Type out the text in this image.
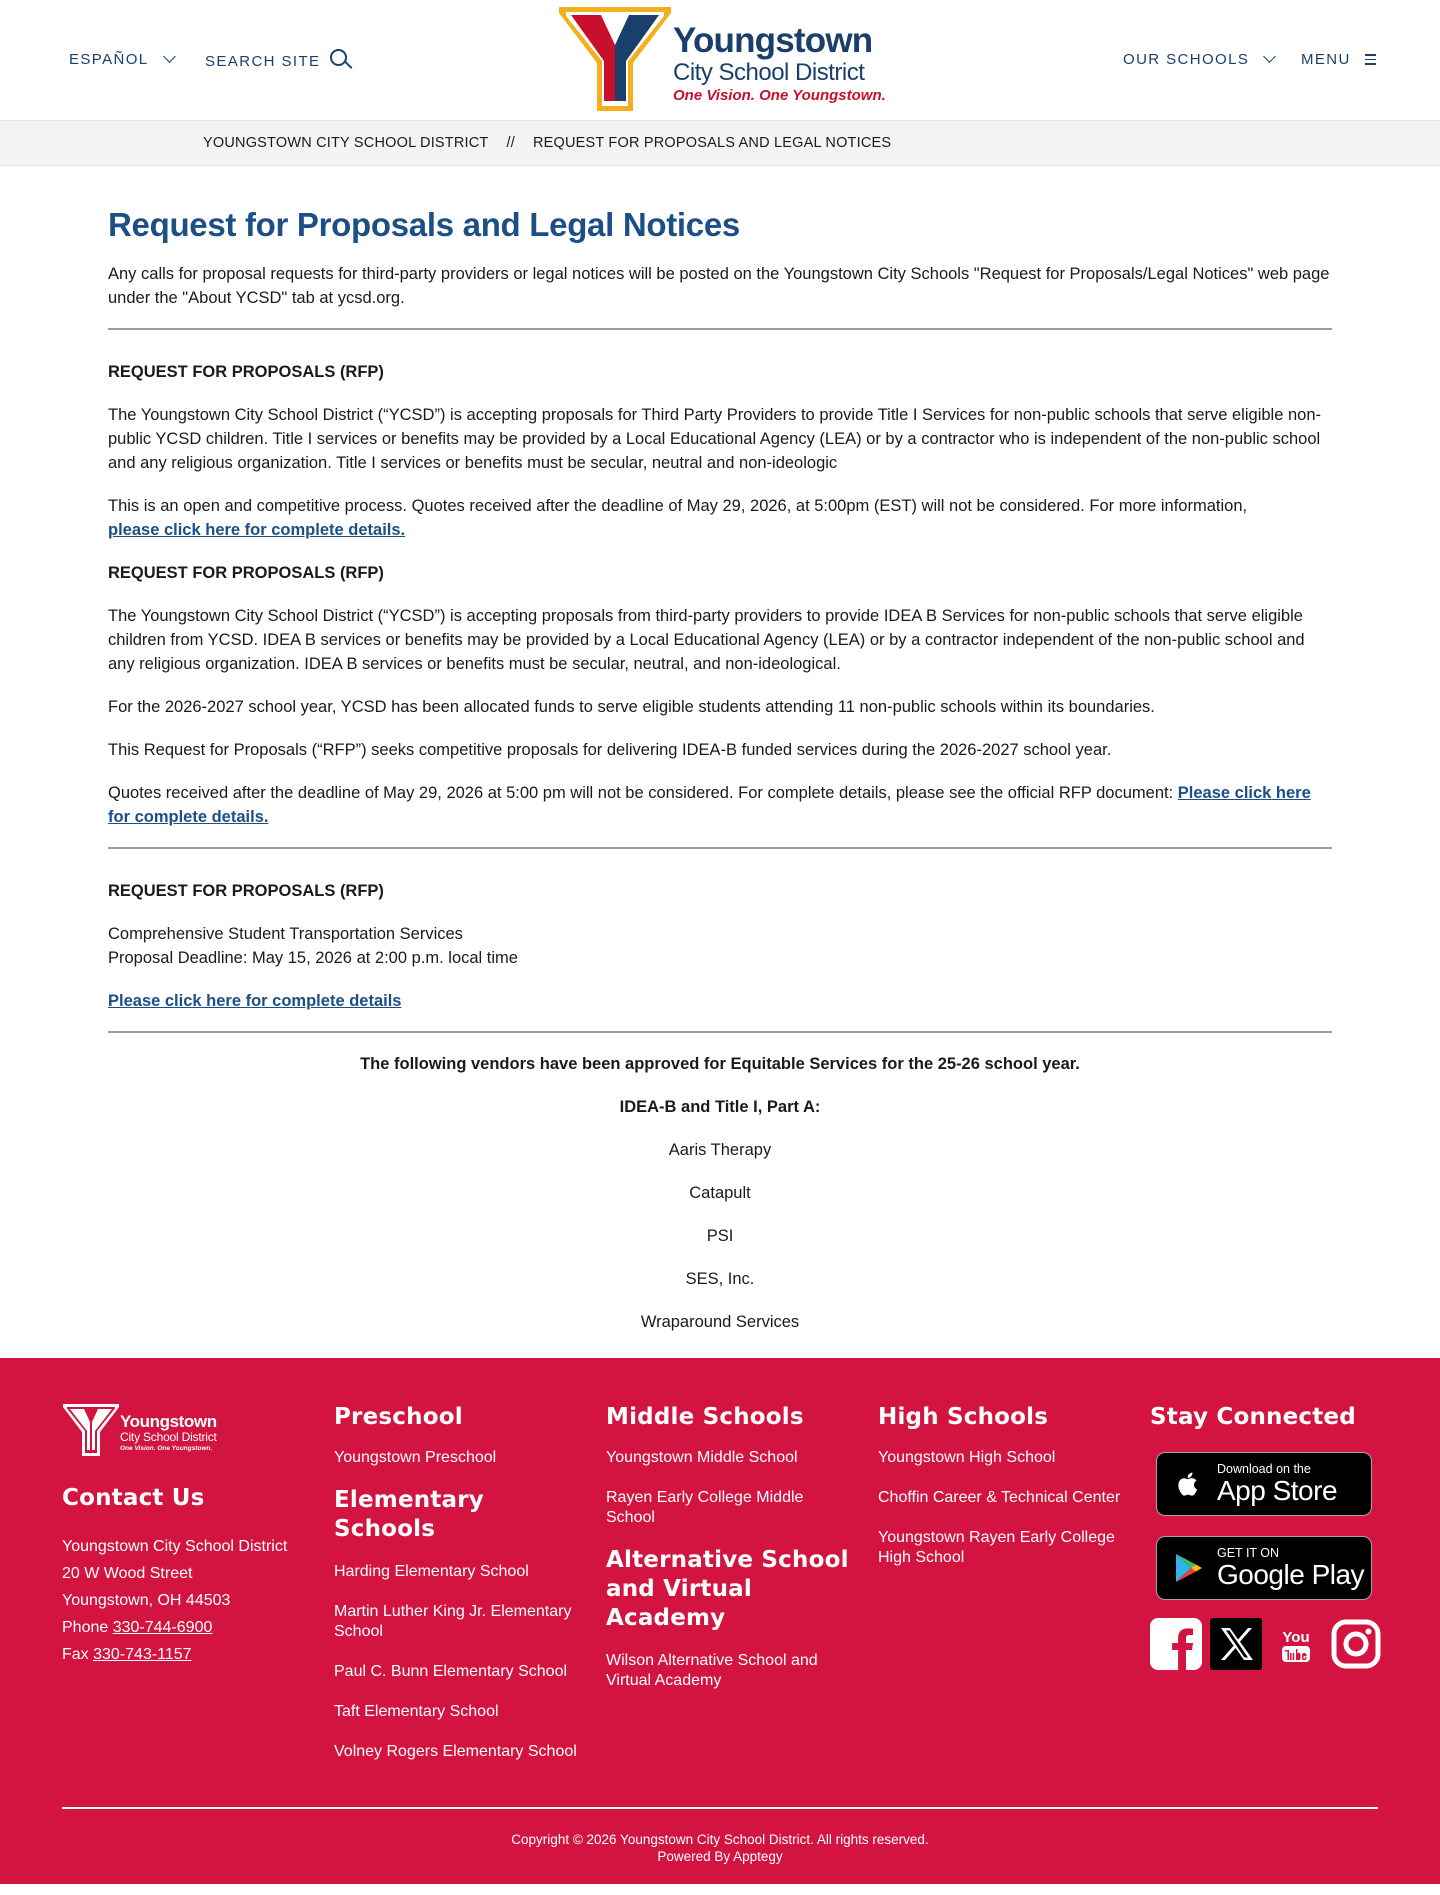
ESPAÑOL	SEARCH SITE
Youngstown
City School District
One Vision. One Youngstown.
OUR SCHOOLS	MENU
YOUNGSTOWN CITY SCHOOL DISTRICT // REQUEST FOR PROPOSALS AND LEGAL NOTICES
Request for Proposals and Legal Notices

Any calls for proposal requests for third-party providers or legal notices will be posted on the Youngstown City Schools "Request for Proposals/Legal Notices" web page under the "About YCSD" tab at ycsd.org.

REQUEST FOR PROPOSALS (RFP)

The Youngstown City School District (“YCSD”) is accepting proposals for Third Party Providers to provide Title I Services for non-public schools that serve eligible non-public YCSD children. Title I services or benefits may be provided by a Local Educational Agency (LEA) or by a contractor who is independent of the non-public school and any religious organization. Title I services or benefits must be secular, neutral and non-ideologic

This is an open and competitive process. Quotes received after the deadline of May 29, 2026, at 5:00pm (EST) will not be considered. For more information,
please click here for complete details.

REQUEST FOR PROPOSALS (RFP)

The Youngstown City School District (“YCSD”) is accepting proposals from third-party providers to provide IDEA B Services for non-public schools that serve eligible children from YCSD. IDEA B services or benefits may be provided by a Local Educational Agency (LEA) or by a contractor independent of the non-public school and any religious organization. IDEA B services or benefits must be secular, neutral, and non-ideological.

For the 2026-2027 school year, YCSD has been allocated funds to serve eligible students attending 11 non-public schools within its boundaries.

This Request for Proposals (“RFP”) seeks competitive proposals for delivering IDEA-B funded services during the 2026-2027 school year.

Quotes received after the deadline of May 29, 2026 at 5:00 pm will not be considered. For complete details, please see the official RFP document: Please click here for complete details.

REQUEST FOR PROPOSALS (RFP)

Comprehensive Student Transportation Services
Proposal Deadline: May 15, 2026 at 2:00 p.m. local time

Please click here for complete details

The following vendors have been approved for Equitable Services for the 25-26 school year.

IDEA-B and Title I, Part A:

Aaris Therapy

Catapult

PSI

SES, Inc.

Wraparound Services

Youngstown
City School District
One Vision. One Youngstown.
Contact Us
Youngstown City School District
20 W Wood Street
Youngstown, OH 44503
Phone 330-744-6900
Fax 330-743-1157
Preschool
Youngstown Preschool
Elementary Schools
Harding Elementary School
Martin Luther King Jr. Elementary School
Paul C. Bunn Elementary School
Taft Elementary School
Volney Rogers Elementary School
Middle Schools
Youngstown Middle School
Rayen Early College Middle School
Alternative School and Virtual Academy
Wilson Alternative School and Virtual Academy
High Schools
Youngstown High School
Choffin Career & Technical Center
Youngstown Rayen Early College High School
Stay Connected
Download on the
App Store
GET IT ON
Google Play
You
Copyright © 2026 Youngstown City School District. All rights reserved.
Powered By Apptegy
